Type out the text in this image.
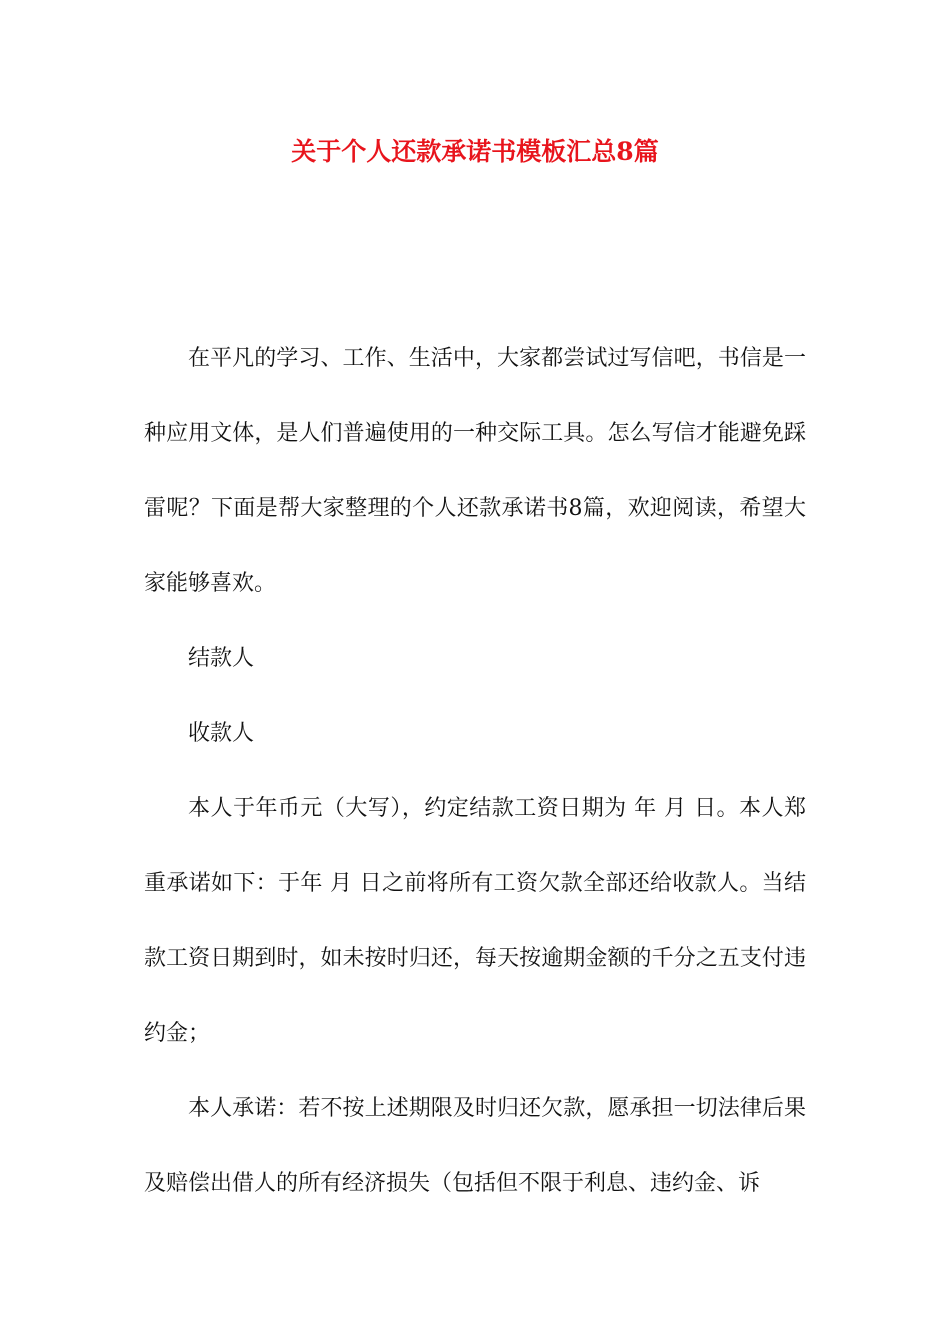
关于个人还款承诺书模板汇总8篇

在平凡的学习、工作、生活中，大家都尝试过写信吧，书信是一种应用文体，是人们普遍使用的一种交际工具。怎么写信才能避免踩雷呢？下面是帮大家整理的个人还款承诺书8篇，欢迎阅读，希望大家能够喜欢。

结款人

收款人

本人于年币元（大写），约定结款工资日期为 年 月 日。本人郑重承诺如下：于年 月 日之前将所有工资欠款全部还给收款人。当结款工资日期到时，如未按时归还，每天按逾期金额的千分之五支付违约金；

本人承诺：若不按上述期限及时归还欠款，愿承担一切法律后果及赔偿出借人的所有经济损失（包括但不限于利息、违约金、诉
